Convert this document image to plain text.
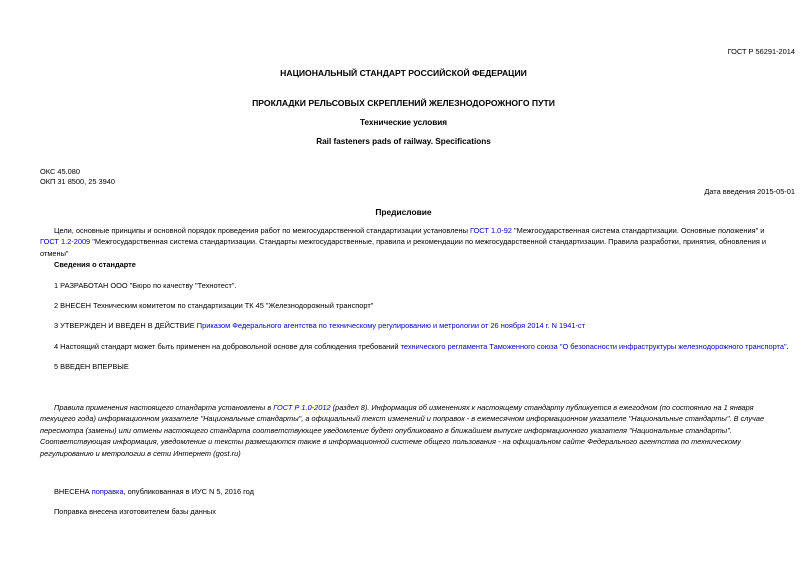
ГОСТ Р 56291-2014
НАЦИОНАЛЬНЫЙ СТАНДАРТ РОССИЙСКОЙ ФЕДЕРАЦИИ
ПРОКЛАДКИ РЕЛЬСОВЫХ СКРЕПЛЕНИЙ ЖЕЛЕЗНОДОРОЖНОГО ПУТИ
Технические условия
Rail fasteners pads of railway. Specifications
ОКС 45.080
ОКП 31 8500, 25 3940
Дата введения 2015-05-01
Предисловие

Цели, основные принципы и основной порядок проведения работ по межгосударственной стандартизации установлены ГОСТ 1.0-92 "Межгосударственная система стандартизации. Основные положения" и ГОСТ 1.2-2009 "Межгосударственная система стандартизации. Стандарты межгосударственные, правила и рекомендации по межгосударственной стандартизации. Правила разработки, принятия, обновления и отмены"

Сведения о стандарте
1 РАЗРАБОТАН ООО "Бюро по качеству "Технотест".
2 ВНЕСЕН Техническим комитетом по стандартизации ТК 45 "Железнодорожный транспорт"
3 УТВЕРЖДЕН И ВВЕДЕН В ДЕЙСТВИЕ Приказом Федерального агентства по техническому регулированию и метрологии от 26 ноября 2014 г. N 1941-ст
4 Настоящий стандарт может быть применен на добровольной основе для соблюдения требований технического регламента Таможенного союза "О безопасности инфраструктуры железнодорожного транспорта".
5 ВВЕДЕН ВПЕРВЫЕ

Правила применения настоящего стандарта установлены в ГОСТ Р 1.0-2012 (раздел 8). Информация об изменениях к настоящему стандарту публикуется в ежегодном (по состоянию на 1 января текущего года) информационном указателе "Национальные стандарты", а официальный текст изменений и поправок - в ежемесячном информационном указателе "Национальные стандарты". В случае пересмотра (замены) или отмены настоящего стандарта соответствующее уведомление будет опубликовано в ближайшем выпуске информационного указателя "Национальные стандарты". Соответствующая информация, уведомление и тексты размещаются также в информационной системе общего пользования - на официальном сайте Федерального агентства по техническому регулированию и метрологии в сети Интернет (gost.ru)

ВНЕСЕНА поправка, опубликованная в ИУС N 5, 2016 год
Поправка внесена изготовителем базы данных
